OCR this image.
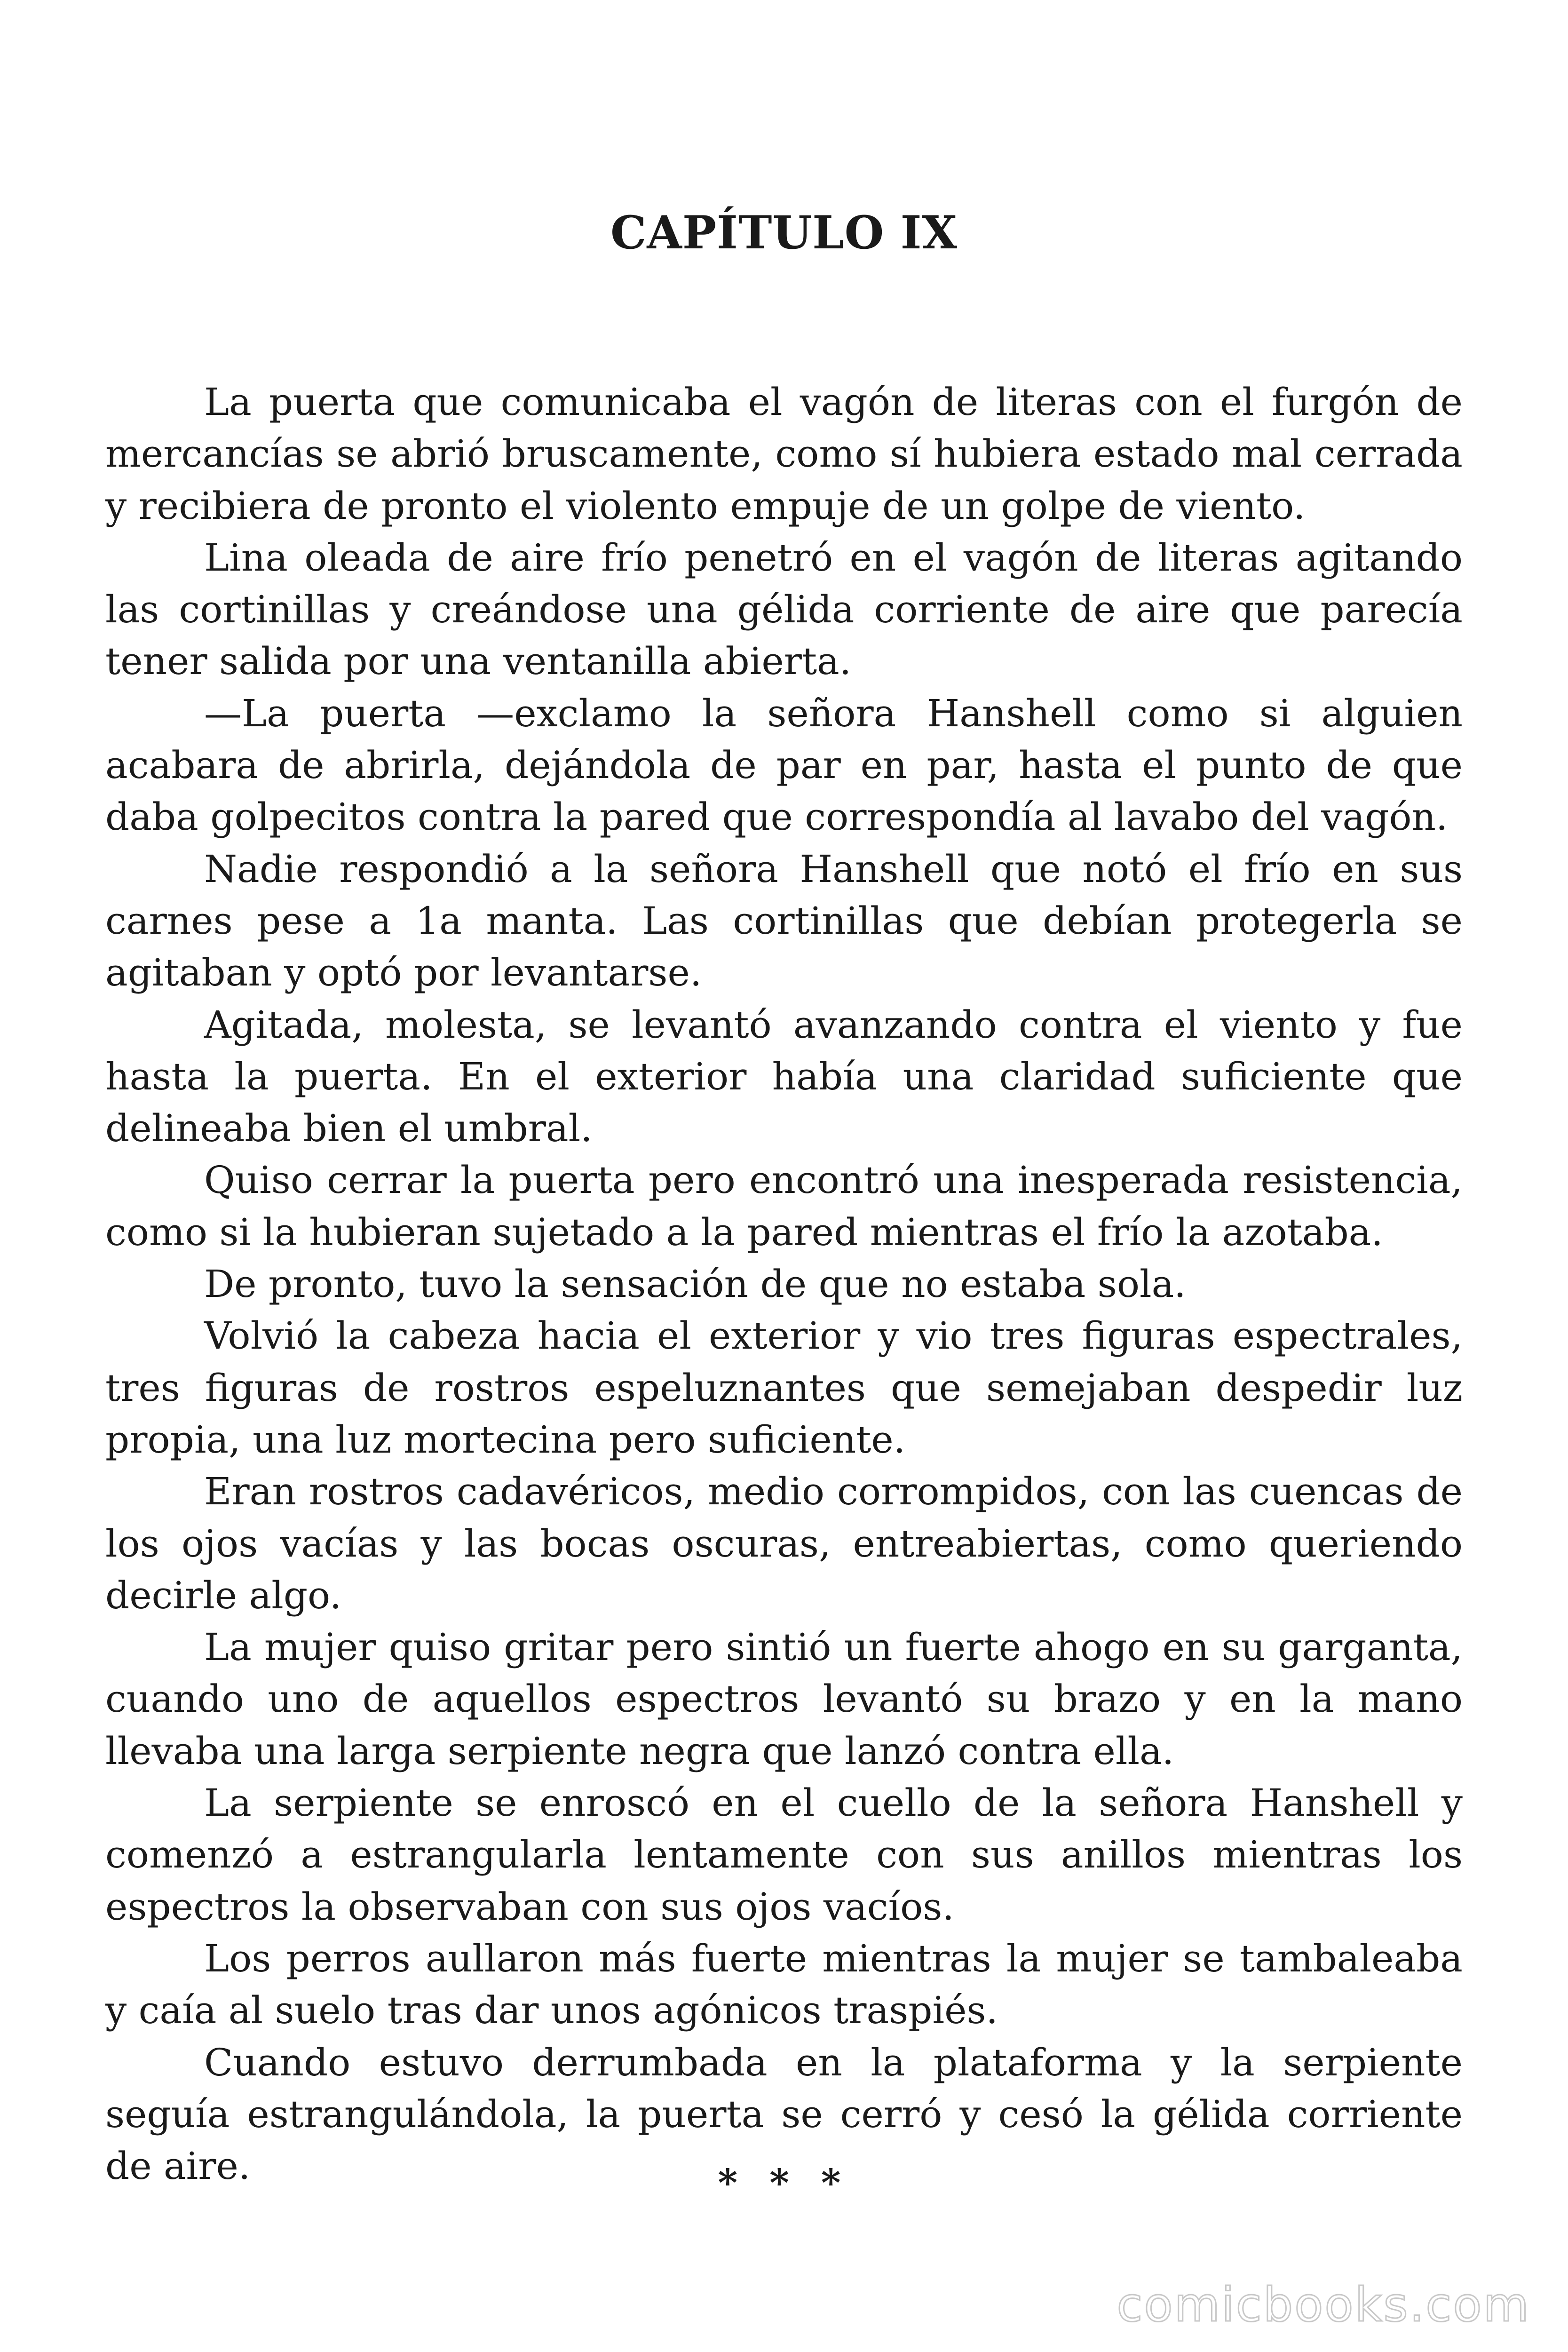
CAPÍTULO IX

La puerta que comunicaba el vagón de literas con el furgón de mercancías se abrió bruscamente, como sí hubiera estado mal cerrada y recibiera de pronto el violento empuje de un golpe de viento.

Lina oleada de aire frío penetró en el vagón de literas agitando las cortinillas y creándose una gélida corriente de aire que parecía tener salida por una ventanilla abierta.

—La puerta —exclamo la señora Hanshell como si alguien acabara de abrirla, dejándola de par en par, hasta el punto de que daba golpecitos contra la pared que correspondía al lavabo del vagón.

Nadie respondió a la señora Hanshell que notó el frío en sus carnes pese a 1a manta. Las cortinillas que debían protegerla se agitaban y optó por levantarse.

Agitada, molesta, se levantó avanzando contra el viento y fue hasta la puerta. En el exterior había una claridad suficiente que delineaba bien el umbral.

Quiso cerrar la puerta pero encontró una inesperada resistencia, como si la hubieran sujetado a la pared mientras el frío la azotaba.

De pronto, tuvo la sensación de que no estaba sola.

Volvió la cabeza hacia el exterior y vio tres figuras espectrales, tres figuras de rostros espeluznantes que semejaban despedir luz propia, una luz mortecina pero suficiente.

Eran rostros cadavéricos, medio corrompidos, con las cuencas de los ojos vacías y las bocas oscuras, entreabiertas, como queriendo decirle algo.

La mujer quiso gritar pero sintió un fuerte ahogo en su garganta, cuando uno de aquellos espectros levantó su brazo y en la mano llevaba una larga serpiente negra que lanzó contra ella.

La serpiente se enroscó en el cuello de la señora Hanshell y comenzó a estrangularla lentamente con sus anillos mientras los espectros la observaban con sus ojos vacíos.

Los perros aullaron más fuerte mientras la mujer se tambaleaba y caía al suelo tras dar unos agónicos traspiés.

Cuando estuvo derrumbada en la plataforma y la serpiente seguía estrangulándola, la puerta se cerró y cesó la gélida corriente de aire.	* * *
comicbooks.com
